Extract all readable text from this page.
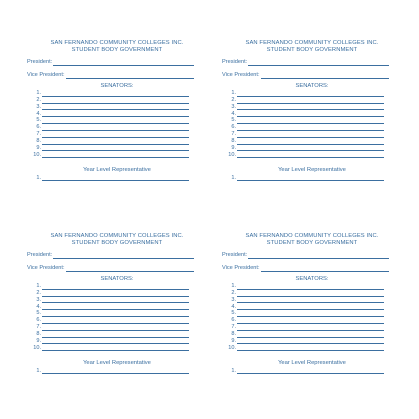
SAN FERNANDO COMMUNITY COLLEGES INC.
STUDENT BODY GOVERNMENT
President:
Vice President:
SENATORS:
1.
2.
3.
4.
5.
6.
7.
8.
9.
10.
Year Level Representative
1.
SAN FERNANDO COMMUNITY COLLEGES INC.
STUDENT BODY GOVERNMENT
President:
Vice President:
SENATORS:
1.
2.
3.
4.
5.
6.
7.
8.
9.
10.
Year Level Representative
1.
SAN FERNANDO COMMUNITY COLLEGES INC.
STUDENT BODY GOVERNMENT
President:
Vice President:
SENATORS:
1.
2.
3.
4.
5.
6.
7.
8.
9.
10.
Year Level Representative
1.
SAN FERNANDO COMMUNITY COLLEGES INC.
STUDENT BODY GOVERNMENT
President:
Vice President:
SENATORS:
1.
2.
3.
4.
5.
6.
7.
8.
9.
10.
Year Level Representative
1.
